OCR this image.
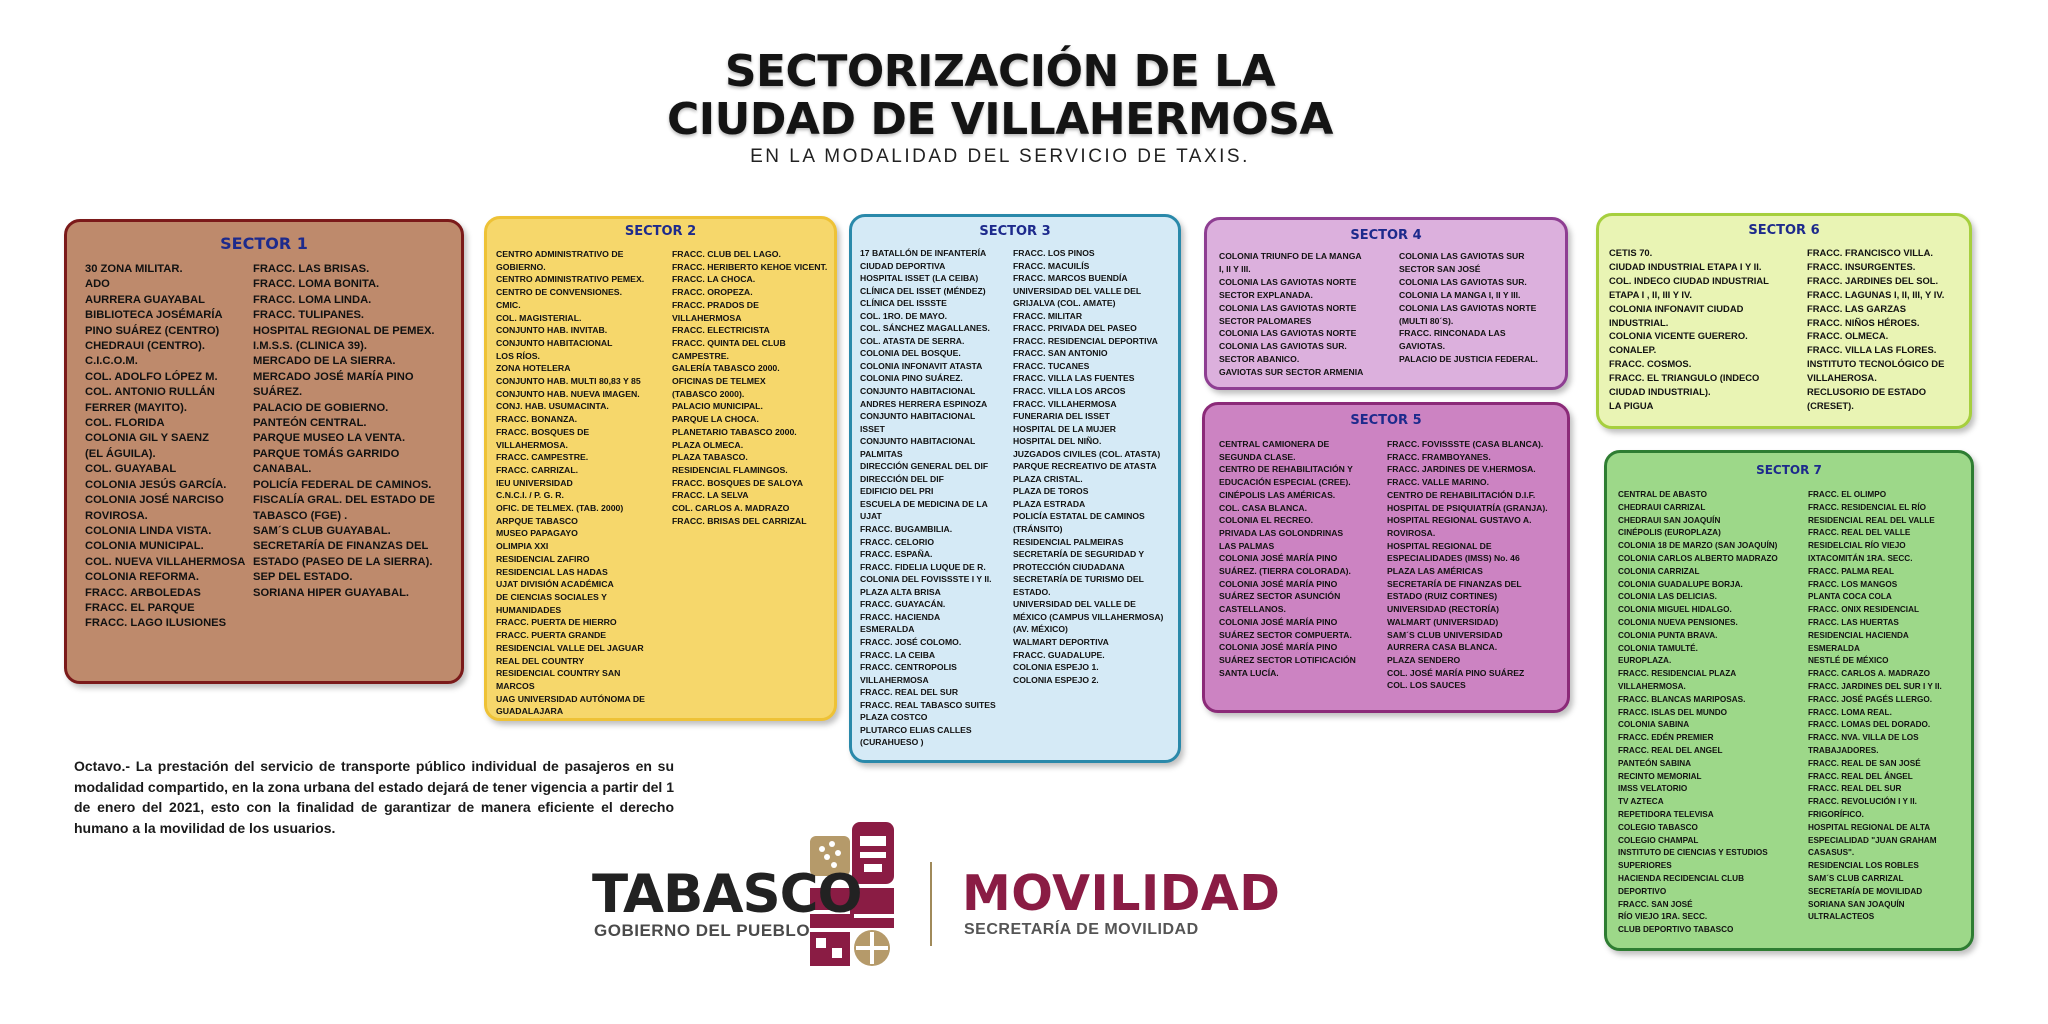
SECTORIZACIÓN DE LA
CIUDAD DE VILLAHERMOSA
EN LA MODALIDAD DEL SERVICIO DE TAXIS.
SECTOR 1
30 ZONA MILITAR.
ADO
AURRERA GUAYABAL
BIBLIOTECA JOSÉMARÍA
PINO SUÁREZ (CENTRO)
CHEDRAUI (CENTRO).
C.I.C.O.M.
COL. ADOLFO LÓPEZ M.
COL. ANTONIO RULLÁN
FERRER (MAYITO).
COL. FLORIDA
COLONIA GIL Y SAENZ
(EL ÁGUILA).
COL. GUAYABAL
COLONIA JESÚS GARCÍA.
COLONIA JOSÉ NARCISO
ROVIROSA.
COLONIA LINDA VISTA.
COLONIA MUNICIPAL.
COL. NUEVA VILLAHERMOSA
COLONIA REFORMA.
FRACC. ARBOLEDAS
FRACC. EL PARQUE
FRACC. LAGO ILUSIONES
FRACC. LAS BRISAS.
FRACC. LOMA BONITA.
FRACC. LOMA LINDA.
FRACC. TULIPANES.
HOSPITAL REGIONAL DE PEMEX.
I.M.S.S. (CLINICA 39).
MERCADO DE LA SIERRA.
MERCADO JOSÉ MARÍA PINO
SUÁREZ.
PALACIO DE GOBIERNO.
PANTEÓN CENTRAL.
PARQUE MUSEO LA VENTA.
PARQUE TOMÁS GARRIDO
CANABAL.
POLICÍA FEDERAL DE CAMINOS.
FISCALÍA GRAL. DEL ESTADO DE
TABASCO (FGE) .
SAM´S CLUB GUAYABAL.
SECRETARÍA DE FINANZAS DEL
ESTADO (PASEO DE LA SIERRA).
SEP DEL ESTADO.
SORIANA HIPER GUAYABAL.
SECTOR 2
CENTRO ADMINISTRATIVO DE
GOBIERNO.
CENTRO ADMINISTRATIVO PEMEX.
CENTRO DE CONVENSIONES.
CMIC.
COL. MAGISTERIAL.
CONJUNTO HAB. INVITAB.
CONJUNTO HABITACIONAL
LOS RÍOS.
ZONA HOTELERA
CONJUNTO HAB. MULTI 80,83 Y 85
CONJUNTO HAB. NUEVA IMAGEN.
CONJ. HAB. USUMACINTA.
FRACC. BONANZA.
FRACC. BOSQUES DE
VILLAHERMOSA.
FRACC. CAMPESTRE.
FRACC. CARRIZAL.
IEU UNIVERSIDAD
C.N.C.I. / P. G. R.
OFIC. DE TELMEX. (TAB. 2000)
ARPQUE TABASCO
MUSEO PAPAGAYO
OLIMPIA XXI
RESIDENCIAL ZAFIRO
RESIDENCIAL LAS HADAS
UJAT DIVISIÓN ACADÉMICA
DE CIENCIAS SOCIALES Y
HUMANIDADES
FRACC. PUERTA DE HIERRO
FRACC. PUERTA GRANDE
RESIDENCIAL VALLE DEL JAGUAR
REAL DEL COUNTRY
RESIDENCIAL COUNTRY SAN
MARCOS
UAG UNIVERSIDAD AUTÓNOMA DE
GUADALAJARA
FRACC. CLUB DEL LAGO.
FRACC. HERIBERTO KEHOE VICENT.
FRACC. LA CHOCA.
FRACC. OROPEZA.
FRACC. PRADOS DE
VILLAHERMOSA
FRACC. ELECTRICISTA
FRACC. QUINTA DEL CLUB
CAMPESTRE.
GALERÍA TABASCO 2000.
OFICINAS DE TELMEX
(TABASCO 2000).
PALACIO MUNICIPAL.
PARQUE LA CHOCA.
PLANETARIO TABASCO 2000.
PLAZA OLMECA.
PLAZA TABASCO.
RESIDENCIAL FLAMINGOS.
FRACC. BOSQUES DE SALOYA
FRACC. LA SELVA
COL. CARLOS A. MADRAZO
FRACC. BRISAS DEL CARRIZAL
SECTOR 3
17 BATALLÓN DE INFANTERÍA
CIUDAD DEPORTIVA
HOSPITAL ISSET (LA CEIBA)
CLÍNICA DEL ISSET (MÉNDEZ)
CLÍNICA DEL ISSSTE
COL. 1RO. DE MAYO.
COL. SÁNCHEZ MAGALLANES.
COL. ATASTA DE SERRA.
COLONIA DEL BOSQUE.
COLONIA INFONAVIT ATASTA
COLONIA PINO SUÁREZ.
CONJUNTO HABITACIONAL
ANDRES HERRERA ESPINOZA
CONJUNTO HABITACIONAL
ISSET
CONJUNTO HABITACIONAL
PALMITAS
DIRECCIÓN GENERAL DEL DIF
DIRECCIÓN DEL DIF
EDIFICIO DEL PRI
ESCUELA DE MEDICINA DE LA
UJAT
FRACC. BUGAMBILIA.
FRACC. CELORIO
FRACC. ESPAÑA.
FRACC. FIDELIA LUQUE DE R.
COLONIA DEL FOVISSSTE I Y II.
PLAZA ALTA BRISA
FRACC. GUAYACÁN.
FRACC. HACIENDA
ESMERALDA
FRACC. JOSÉ COLOMO.
FRACC. LA CEIBA
FRACC. CENTROPOLIS
VILLAHERMOSA
FRACC. REAL DEL SUR
FRACC. REAL TABASCO SUITES
PLAZA COSTCO
PLUTARCO ELIAS CALLES
(CURAHUESO )
FRACC. LOS PINOS
FRACC. MACUILÍS
FRACC. MARCOS BUENDÍA
UNIVERSIDAD DEL VALLE DEL
GRIJALVA (COL. AMATE)
FRACC. MILITAR
FRACC. PRIVADA DEL PASEO
FRACC. RESIDENCIAL DEPORTIVA
FRACC. SAN ANTONIO
FRACC. TUCANES
FRACC. VILLA LAS FUENTES
FRACC. VILLA LOS ARCOS
FRACC. VILLAHERMOSA
FUNERARIA DEL ISSET
HOSPITAL DE LA MUJER
HOSPITAL DEL NIÑO.
JUZGADOS CIVILES (COL. ATASTA)
PARQUE RECREATIVO DE ATASTA
PLAZA CRISTAL.
PLAZA DE TOROS
PLAZA ESTRADA
POLICÍA ESTATAL DE CAMINOS
(TRÁNSITO)
RESIDENCIAL PALMEIRAS
SECRETARÍA DE SEGURIDAD Y
PROTECCIÓN CIUDADANA
SECRETARÍA DE TURISMO DEL
ESTADO.
UNIVERSIDAD DEL VALLE DE
MÉXICO (CAMPUS VILLAHERMOSA)
(AV. MÉXICO)
WALMART DEPORTIVA
FRACC. GUADALUPE.
COLONIA ESPEJO 1.
COLONIA ESPEJO 2.
SECTOR 4
COLONIA TRIUNFO DE LA MANGA
I, II Y III.
COLONIA LAS GAVIOTAS NORTE
SECTOR EXPLANADA.
COLONIA LAS GAVIOTAS NORTE
SECTOR PALOMARES
COLONIA LAS GAVIOTAS NORTE
COLONIA LAS GAVIOTAS SUR.
SECTOR ABANICO.
GAVIOTAS SUR SECTOR ARMENIA
COLONIA LAS GAVIOTAS SUR
SECTOR SAN JOSÉ
COLONIA LAS GAVIOTAS SUR.
COLONIA LA MANGA I, II Y III.
COLONIA LAS GAVIOTAS NORTE
(MULTI 80´S).
FRACC. RINCONADA LAS
GAVIOTAS.
PALACIO DE JUSTICIA FEDERAL.
SECTOR 5
CENTRAL CAMIONERA DE
SEGUNDA CLASE.
CENTRO DE REHABILITACIÓN Y
EDUCACIÓN ESPECIAL (CREE).
CINÉPOLIS LAS AMÉRICAS.
COL. CASA BLANCA.
COLONIA EL RECREO.
PRIVADA LAS GOLONDRINAS
LAS PALMAS
COLONIA JOSÉ MARÍA PINO
SUÁREZ. (TIERRA COLORADA).
COLONIA JOSÉ MARÍA PINO
SUÁREZ SECTOR ASUNCIÓN
CASTELLANOS.
COLONIA JOSÉ MARÍA PINO
SUÁREZ SECTOR COMPUERTA.
COLONIA JOSÉ MARÍA PINO
SUÁREZ SECTOR LOTIFICACIÓN
SANTA LUCÍA.
FRACC. FOVISSSTE (CASA BLANCA).
FRACC. FRAMBOYANES.
FRACC. JARDINES DE V.HERMOSA.
FRACC. VALLE MARINO.
CENTRO DE REHABILITACIÓN D.I.F.
HOSPITAL DE PSIQUIATRÍA (GRANJA).
HOSPITAL REGIONAL GUSTAVO A.
ROVIROSA.
HOSPITAL REGIONAL DE
ESPECIALIDADES (IMSS) No. 46
PLAZA LAS AMÉRICAS
SECRETARÍA DE FINANZAS DEL
ESTADO (RUIZ CORTINES)
UNIVERSIDAD (RECTORÍA)
WALMART (UNIVERSIDAD)
SAM´S CLUB UNIVERSIDAD
AURRERA CASA BLANCA.
PLAZA SENDERO
COL. JOSÉ MARÍA PINO SUÁREZ
COL. LOS SAUCES
SECTOR 6
CETIS 70.
CIUDAD INDUSTRIAL ETAPA I Y II.
COL. INDECO CIUDAD INDUSTRIAL
ETAPA I , II, III Y IV.
COLONIA INFONAVIT CIUDAD
INDUSTRIAL.
COLONIA VICENTE GUERERO.
CONALEP.
FRACC. COSMOS.
FRACC. EL TRIANGULO (INDECO
CIUDAD INDUSTRIAL).
LA PIGUA
FRACC. FRANCISCO VILLA.
FRACC. INSURGENTES.
FRACC. JARDINES DEL SOL.
FRACC. LAGUNAS I, II, III, Y IV.
FRACC. LAS GARZAS
FRACC. NIÑOS HÉROES.
FRACC. OLMECA.
FRACC. VILLA LAS FLORES.
INSTITUTO TECNOLÓGICO DE
VILLAHEROSA.
RECLUSORIO DE ESTADO
(CRESET).
SECTOR 7
CENTRAL DE ABASTO
CHEDRAUI CARRIZAL
CHEDRAUI SAN JOAQUÍN
CINÉPOLIS (EUROPLAZA)
COLONIA 18 DE MARZO (SAN JOAQUÍN)
COLONIA CARLOS ALBERTO MADRAZO
COLONIA CARRIZAL
COLONIA GUADALUPE BORJA.
COLONIA LAS DELICIAS.
COLONIA MIGUEL HIDALGO.
COLONIA NUEVA PENSIONES.
COLONIA PUNTA BRAVA.
COLONIA TAMULTÉ.
EUROPLAZA.
FRACC. RESIDENCIAL PLAZA
VILLAHERMOSA.
FRACC. BLANCAS MARIPOSAS.
FRACC. ISLAS DEL MUNDO
COLONIA SABINA
FRACC. EDÉN PREMIER
FRACC. REAL DEL ANGEL
PANTEÓN SABINA
RECINTO MEMORIAL
IMSS VELATORIO
TV AZTECA
REPETIDORA TELEVISA
COLEGIO TABASCO
COLEGIO CHAMPAL
INSTITUTO DE CIENCIAS Y ESTUDIOS
SUPERIORES
HACIENDA RECIDENCIAL CLUB
DEPORTIVO
FRACC. SAN JOSÉ
RÍO VIEJO 1RA. SECC.
CLUB DEPORTIVO TABASCO
FRACC. EL OLIMPO
FRACC. RESIDENCIAL EL RÍO
RESIDENCIAL REAL DEL VALLE
FRACC. REAL DEL VALLE
RESIDELCIAL RÍO VIEJO
IXTACOMITÁN 1RA. SECC.
FRACC. PALMA REAL
FRACC. LOS MANGOS
PLANTA COCA COLA
FRACC. ONIX RESIDENCIAL
FRACC. LAS HUERTAS
RESIDENCIAL HACIENDA
ESMERALDA
NESTLÉ DE MÉXICO
FRACC. CARLOS A. MADRAZO
FRACC. JARDINES DEL SUR I Y II.
FRACC. JOSÉ PAGÉS LLERGO.
FRACC. LOMA REAL.
FRACC. LOMAS DEL DORADO.
FRACC. NVA. VILLA DE LOS
TRABAJADORES.
FRACC. REAL DE SAN JOSÉ
FRACC. REAL DEL ÁNGEL
FRACC. REAL DEL SUR
FRACC. REVOLUCIÓN I Y II.
FRIGORÍFICO.
HOSPITAL REGIONAL DE ALTA
ESPECIALIDAD "JUAN GRAHAM
CASASUS".
RESIDENCIAL LOS ROBLES
SAM´S CLUB CARRIZAL
SECRETARÍA DE MOVILIDAD
SORIANA SAN JOAQUÍN
ULTRALACTEOS
Octavo.- La prestación del servicio de transporte público individual de pasajeros en su modalidad compartido, en la zona urbana del estado dejará de tener vigencia a partir del 1 de enero del 2021, esto con la finalidad de garantizar de manera eficiente el derecho humano a la movilidad de los usuarios.
TABASCO
GOBIERNO DEL PUEBLO
MOVILIDAD
SECRETARÍA DE MOVILIDAD
